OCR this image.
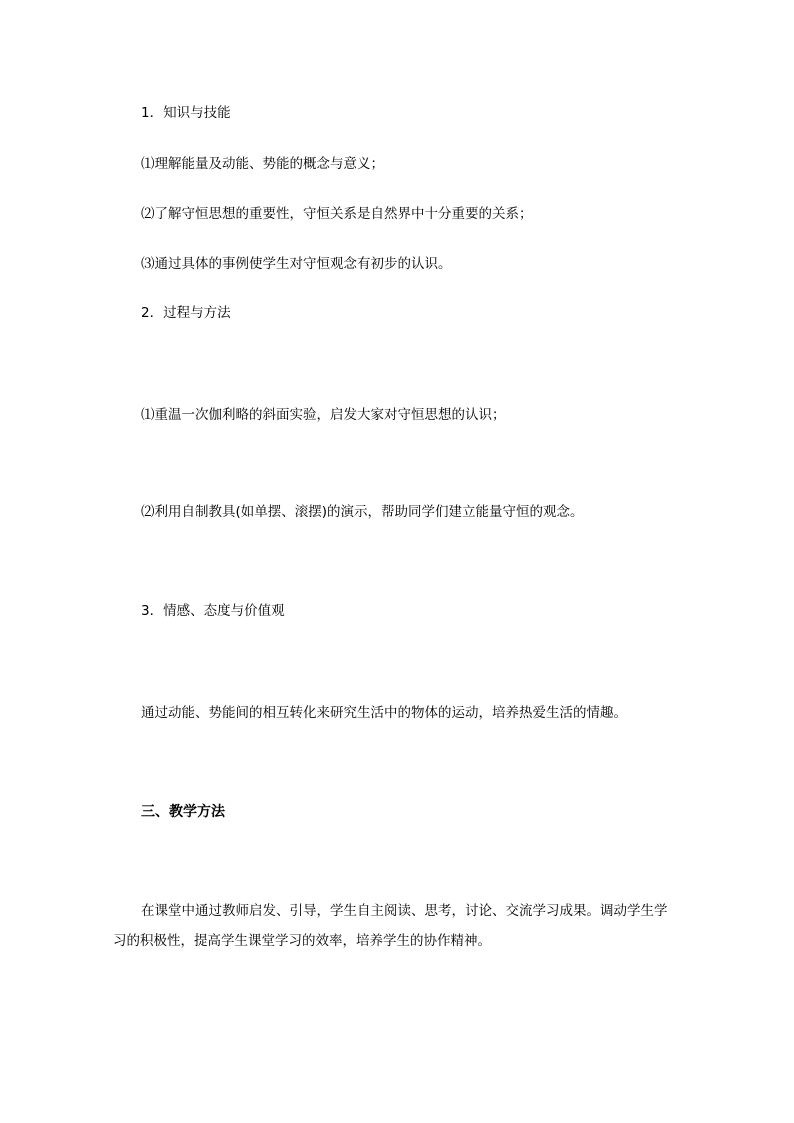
1．知识与技能

⑴理解能量及动能、势能的概念与意义；

⑵了解守恒思想的重要性，守恒关系是自然界中十分重要的关系；

⑶通过具体的事例使学生对守恒观念有初步的认识。

2．过程与方法

⑴重温一次伽利略的斜面实验，启发大家对守恒思想的认识；

⑵利用自制教具(如单摆、滚摆)的演示，帮助同学们建立能量守恒的观念。

3．情感、态度与价值观

通过动能、势能间的相互转化来研究生活中的物体的运动，培养热爱生活的情趣。

三、教学方法

在课堂中通过教师启发、引导，学生自主阅读、思考，讨论、交流学习成果。调动学生学习的积极性，提高学生课堂学习的效率，培养学生的协作精神。
